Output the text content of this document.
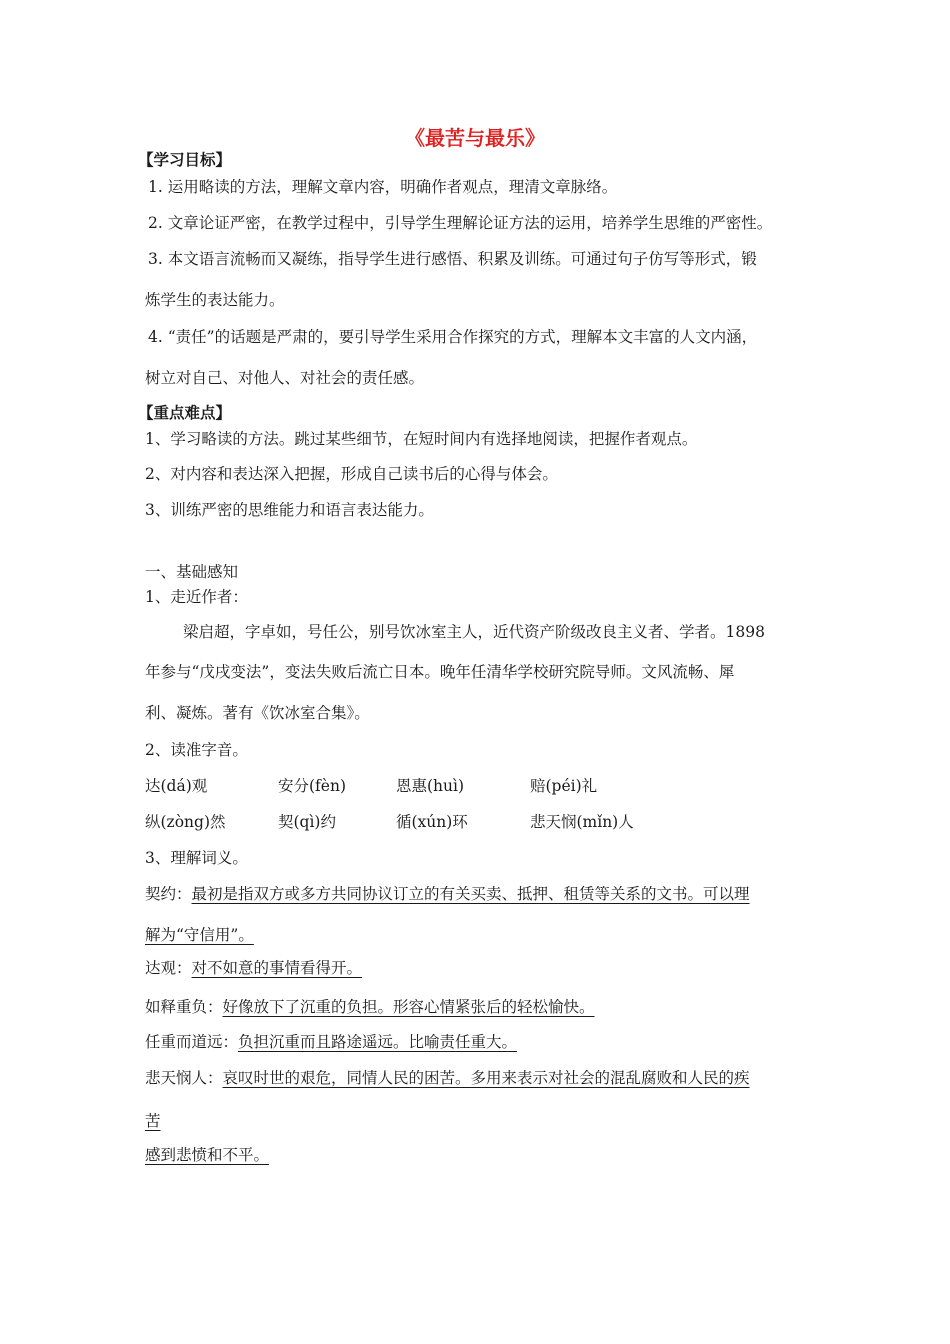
《最苦与最乐》
【学习目标】
1. 运用略读的方法，理解文章内容，明确作者观点，理清文章脉络。
2. 文章论证严密，在教学过程中，引导学生理解论证方法的运用，培养学生思维的严密性。
3. 本文语言流畅而又凝练，指导学生进行感悟、积累及训练。可通过句子仿写等形式，锻
炼学生的表达能力。
4. “责任”的话题是严肃的，要引导学生采用合作探究的方式，理解本文丰富的人文内涵，
树立对自己、对他人、对社会的责任感。
【重点难点】
1、学习略读的方法。跳过某些细节，在短时间内有选择地阅读，把握作者观点。
2、对内容和表达深入把握，形成自己读书后的心得与体会。
3、训练严密的思维能力和语言表达能力。
一、基础感知
1、走近作者：
梁启超，字卓如，号任公，别号饮冰室主人，近代资产阶级改良主义者、学者。1898
年参与“戊戌变法”，变法失败后流亡日本。晚年任清华学校研究院导师。文风流畅、犀
利、凝炼。著有《饮冰室合集》。
2、读准字音。
达(dá)观	安分(fèn)	恩惠(huì)	赔(péi)礼
纵(zòng)然	契(qì)约	循(xún)环	悲天悯(mǐn)人
3、理解词义。
契约：最初是指双方或多方共同协议订立的有关买卖、抵押、租赁等关系的文书。可以理
解为“守信用”。
达观：对不如意的事情看得开。
如释重负：好像放下了沉重的负担。形容心情紧张后的轻松愉快。
任重而道远：负担沉重而且路途遥远。比喻责任重大。
悲天悯人：哀叹时世的艰危，同情人民的困苦。多用来表示对社会的混乱腐败和人民的疾
苦
感到悲愤和不平。
